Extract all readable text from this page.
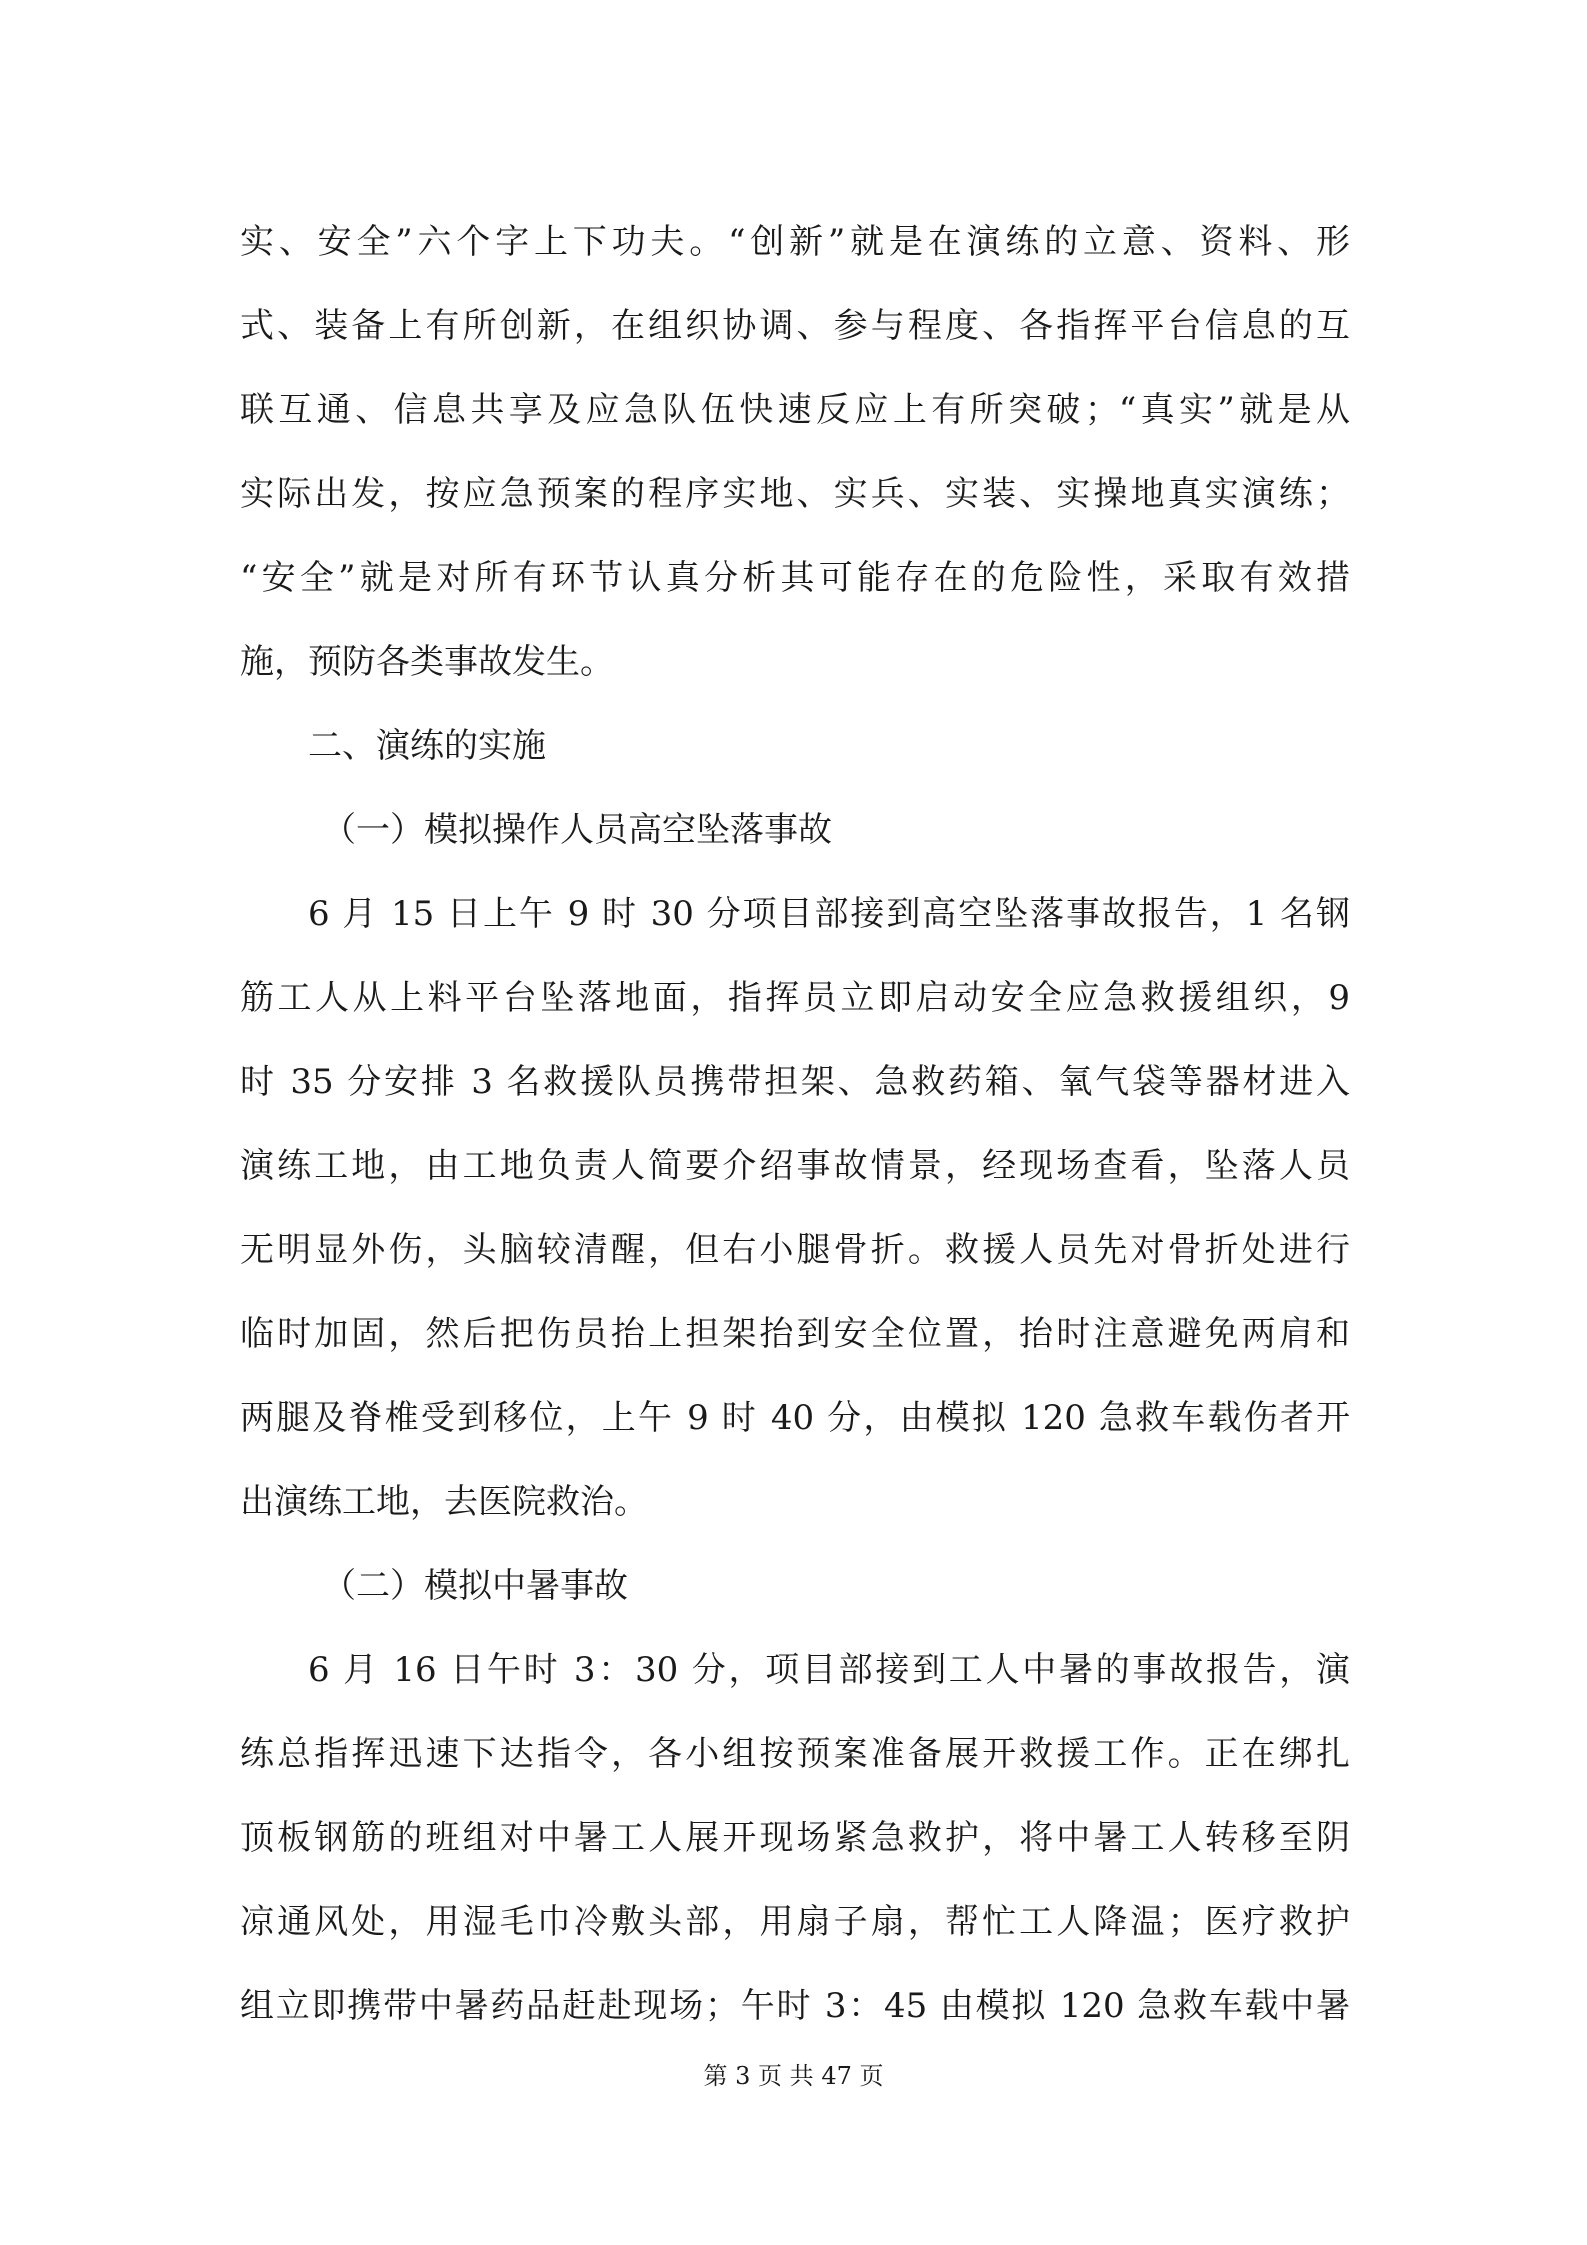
实、安全”六个字上下功夫。“创新”就是在演练的立意、资料、形
式、装备上有所创新，在组织协调、参与程度、各指挥平台信息的互
联互通、信息共享及应急队伍快速反应上有所突破；“真实”就是从
实际出发，按应急预案的程序实地、实兵、实装、实操地真实演练；
“安全”就是对所有环节认真分析其可能存在的危险性，采取有效措
施，预防各类事故发生。
二、演练的实施
（一）模拟操作人员高空坠落事故
6 月 15 日上午 9 时 30 分项目部接到高空坠落事故报告，1 名钢
筋工人从上料平台坠落地面，指挥员立即启动安全应急救援组织，9
时 35 分安排 3 名救援队员携带担架、急救药箱、氧气袋等器材进入
演练工地，由工地负责人简要介绍事故情景，经现场查看，坠落人员
无明显外伤，头脑较清醒，但右小腿骨折。救援人员先对骨折处进行
临时加固，然后把伤员抬上担架抬到安全位置，抬时注意避免两肩和
两腿及脊椎受到移位，上午 9 时 40 分，由模拟 120 急救车载伤者开
出演练工地，去医院救治。
（二）模拟中暑事故
6 月 16 日午时 3：30 分，项目部接到工人中暑的事故报告，演
练总指挥迅速下达指令，各小组按预案准备展开救援工作。正在绑扎
顶板钢筋的班组对中暑工人展开现场紧急救护，将中暑工人转移至阴
凉通风处，用湿毛巾冷敷头部，用扇子扇，帮忙工人降温；医疗救护
组立即携带中暑药品赶赴现场；午时 3：45 由模拟 120 急救车载中暑
第 3 页 共 47 页
